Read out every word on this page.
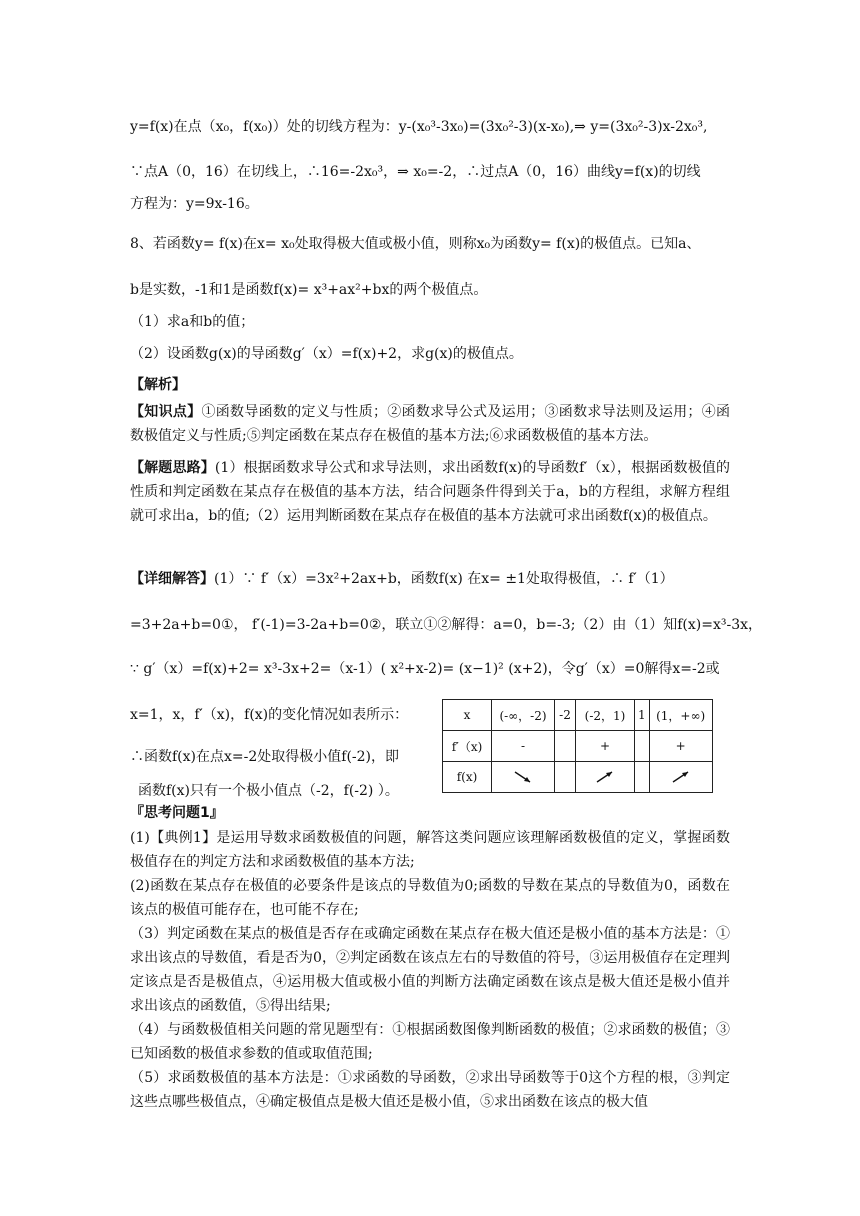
y=f(x)在点（x₀，f(x₀)）处的切线方程为：y-(x₀³-3x₀)=(3x₀²-3)(x-x₀),⇒ y=(3x₀²-3)x-2x₀³,
∵点A（0，16）在切线上，∴16=-2x₀³，⇒ x₀=-2，∴过点A（0，16）曲线y=f(x)的切线
方程为：y=9x-16。
8、若函数y= f(x)在x= x₀处取得极大值或极小值，则称x₀为函数y= f(x)的极值点。已知a、
b是实数，-1和1是函数f(x)= x³+ax²+bx的两个极值点。
（1）求a和b的值；
（2）设函数g(x)的导函数g′（x）=f(x)+2，求g(x)的极值点。
【解析】
【知识点】①函数导函数的定义与性质；②函数求导公式及运用；③函数求导法则及运用；④函数极值定义与性质;⑤判定函数在某点存在极值的基本方法;⑥求函数极值的基本方法。
【解题思路】(1）根据函数求导公式和求导法则，求出函数f(x)的导函数f′（x），根据函数极值的性质和判定函数在某点存在极值的基本方法，结合问题条件得到关于a，b的方程组，求解方程组就可求出a，b的值;（2）运用判断函数在某点存在极值的基本方法就可求出函数f(x)的极值点。
【详细解答】(1）∵ f′（x）=3x²+2ax+b，函数f(x) 在x= ±1处取得极值，∴ f′（1）
=3+2a+b=0①， f′(-1)=3-2a+b=0②，联立①②解得：a=0，b=-3;（2）由（1）知f(x)=x³-3x，
∵ g′（x）=f(x)+2= x³-3x+2=（x-1）( x²+x-2)= (x−1)² (x+2)，令g′（x）=0解得x=-2或
x=1，x，f′（x)，f(x)的变化情况如表所示：
∴函数f(x)在点x=-2处取得极小值f(-2)，即
函数f(x)只有一个极小值点（-2，f(-2) ）。
x	(-∞，-2)	-2	(-2，1)	1	(1，+∞)
f′（x)	-		+		+
f(x)					
『思考问题1』
(1)【典例1】是运用导数求函数极值的问题，解答这类问题应该理解函数极值的定义，掌握函数极值存在的判定方法和求函数极值的基本方法;
(2)函数在某点存在极值的必要条件是该点的导数值为0;函数的导数在某点的导数值为0，函数在该点的极值可能存在，也可能不存在;
（3）判定函数在某点的极值是否存在或确定函数在某点存在极大值还是极小值的基本方法是：①求出该点的导数值，看是否为0，②判定函数在该点左右的导数值的符号，③运用极值存在定理判定该点是否是极值点，④运用极大值或极小值的判断方法确定函数在该点是极大值还是极小值并求出该点的函数值，⑤得出结果;
（4）与函数极值相关问题的常见题型有：①根据函数图像判断函数的极值；②求函数的极值；③已知函数的极值求参数的值或取值范围;
（5）求函数极值的基本方法是：①求函数的导函数，②求出导函数等于0这个方程的根，③判定这些点哪些极值点，④确定极值点是极大值还是极小值，⑤求出函数在该点的极大值
